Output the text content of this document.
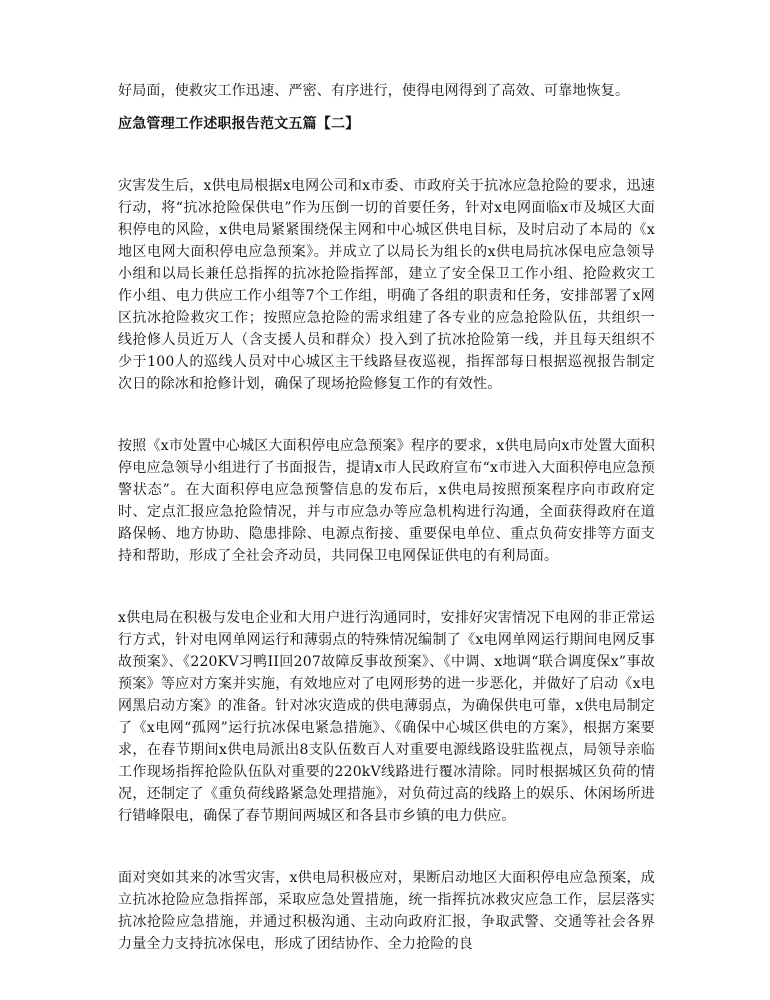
好局面，使救灾工作迅速、严密、有序进行，使得电网得到了高效、可靠地恢复。

应急管理工作述职报告范文五篇【二】

灾害发生后，x供电局根据x电网公司和x市委、市政府关于抗冰应急抢险的要求，迅速行动，将“抗冰抢险保供电”作为压倒一切的首要任务，针对x电网面临x市及城区大面积停电的风险，x供电局紧紧围绕保主网和中心城区供电目标，及时启动了本局的《x地区电网大面积停电应急预案》。并成立了以局长为组长的x供电局抗冰保电应急领导小组和以局长兼任总指挥的抗冰抢险指挥部，建立了安全保卫工作小组、抢险救灾工作小组、电力供应工作小组等7个工作组，明确了各组的职责和任务，安排部署了x网区抗冰抢险救灾工作；按照应急抢险的需求组建了各专业的应急抢险队伍，共组织一线抢修人员近万人（含支援人员和群众）投入到了抗冰抢险第一线，并且每天组织不少于100人的巡线人员对中心城区主干线路昼夜巡视，指挥部每日根据巡视报告制定次日的除冰和抢修计划，确保了现场抢险修复工作的有效性。

按照《x市处置中心城区大面积停电应急预案》程序的要求，x供电局向x市处置大面积停电应急领导小组进行了书面报告，提请x市人民政府宣布“x市进入大面积停电应急预警状态”。在大面积停电应急预警信息的发布后，x供电局按照预案程序向市政府定时、定点汇报应急抢险情况，并与市应急办等应急机构进行沟通，全面获得政府在道路保畅、地方协助、隐患排除、电源点衔接、重要保电单位、重点负荷安排等方面支持和帮助，形成了全社会齐动员，共同保卫电网保证供电的有利局面。

x供电局在积极与发电企业和大用户进行沟通同时，安排好灾害情况下电网的非正常运行方式，针对电网单网运行和薄弱点的特殊情况编制了《x电网单网运行期间电网反事故预案》、《220KV习鸭II回207故障反事故预案》、《中调、x地调“联合调度保x”事故预案》等应对方案并实施，有效地应对了电网形势的进一步恶化，并做好了启动《x电网黑启动方案》的准备。针对冰灾造成的供电薄弱点，为确保供电可靠，x供电局制定了《x电网“孤网”运行抗冰保电紧急措施》、《确保中心城区供电的方案》，根据方案要求，在春节期间x供电局派出8支队伍数百人对重要电源线路设驻监视点，局领导亲临工作现场指挥抢险队伍队对重要的220kV线路进行覆冰清除。同时根据城区负荷的情况，还制定了《重负荷线路紧急处理措施》，对负荷过高的线路上的娱乐、休闲场所进行错峰限电，确保了春节期间两城区和各县市乡镇的电力供应。

面对突如其来的冰雪灾害，x供电局积极应对，果断启动地区大面积停电应急预案，成立抗冰抢险应急指挥部，采取应急处置措施，统一指挥抗冰救灾应急工作，层层落实抗冰抢险应急措施，并通过积极沟通、主动向政府汇报，争取武警、交通等社会各界力量全力支持抗冰保电，形成了团结协作、全力抢险的良
